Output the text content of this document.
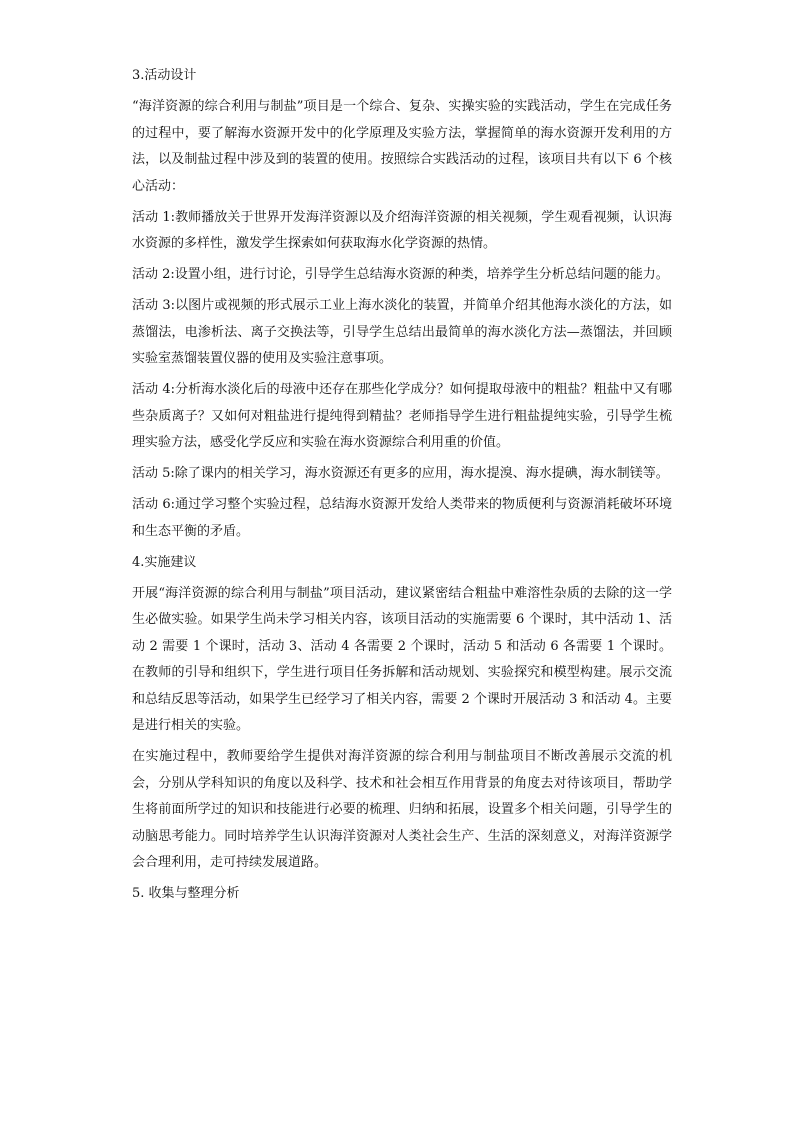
3.活动设计

“海洋资源的综合利用与制盐”项目是一个综合、复杂、实操实验的实践活动，学生在完成任务的过程中，要了解海水资源开发中的化学原理及实验方法，掌握简单的海水资源开发利用的方法，以及制盐过程中涉及到的装置的使用。按照综合实践活动的过程，该项目共有以下 6 个核心活动：

活动 1:教师播放关于世界开发海洋资源以及介绍海洋资源的相关视频，学生观看视频，认识海水资源的多样性，激发学生探索如何获取海水化学资源的热情。

活动 2:设置小组，进行讨论，引导学生总结海水资源的种类，培养学生分析总结问题的能力。

活动 3:以图片或视频的形式展示工业上海水淡化的装置，并简单介绍其他海水淡化的方法，如蒸馏法，电渗析法、离子交换法等，引导学生总结出最简单的海水淡化方法—蒸馏法，并回顾实验室蒸馏装置仪器的使用及实验注意事项。

活动 4:分析海水淡化后的母液中还存在那些化学成分？如何提取母液中的粗盐？粗盐中又有哪些杂质离子？又如何对粗盐进行提纯得到精盐？老师指导学生进行粗盐提纯实验，引导学生梳理实验方法，感受化学反应和实验在海水资源综合利用重的价值。

活动 5:除了课内的相关学习，海水资源还有更多的应用，海水提溴、海水提碘，海水制镁等。

活动 6:通过学习整个实验过程，总结海水资源开发给人类带来的物质便利与资源消耗破坏环境和生态平衡的矛盾。

4.实施建议

开展“海洋资源的综合利用与制盐”项目活动，建议紧密结合粗盐中难溶性杂质的去除的这一学生必做实验。如果学生尚未学习相关内容，该项目活动的实施需要 6 个课时，其中活动 1、活动 2 需要 1 个课时，活动 3、活动 4 各需要 2 个课时，活动 5 和活动 6 各需要 1 个课时。在教师的引导和组织下，学生进行项目任务拆解和活动规划、实验探究和模型构建。展示交流和总结反思等活动，如果学生已经学习了相关内容，需要 2 个课时开展活动 3 和活动 4。主要是进行相关的实验。

在实施过程中，教师要给学生提供对海洋资源的综合利用与制盐项目不断改善展示交流的机会，分别从学科知识的角度以及科学、技术和社会相互作用背景的角度去对待该项目，帮助学生将前面所学过的知识和技能进行必要的梳理、归纳和拓展，设置多个相关问题，引导学生的动脑思考能力。同时培养学生认识海洋资源对人类社会生产、生活的深刻意义，对海洋资源学会合理利用，走可持续发展道路。

5. 收集与整理分析
